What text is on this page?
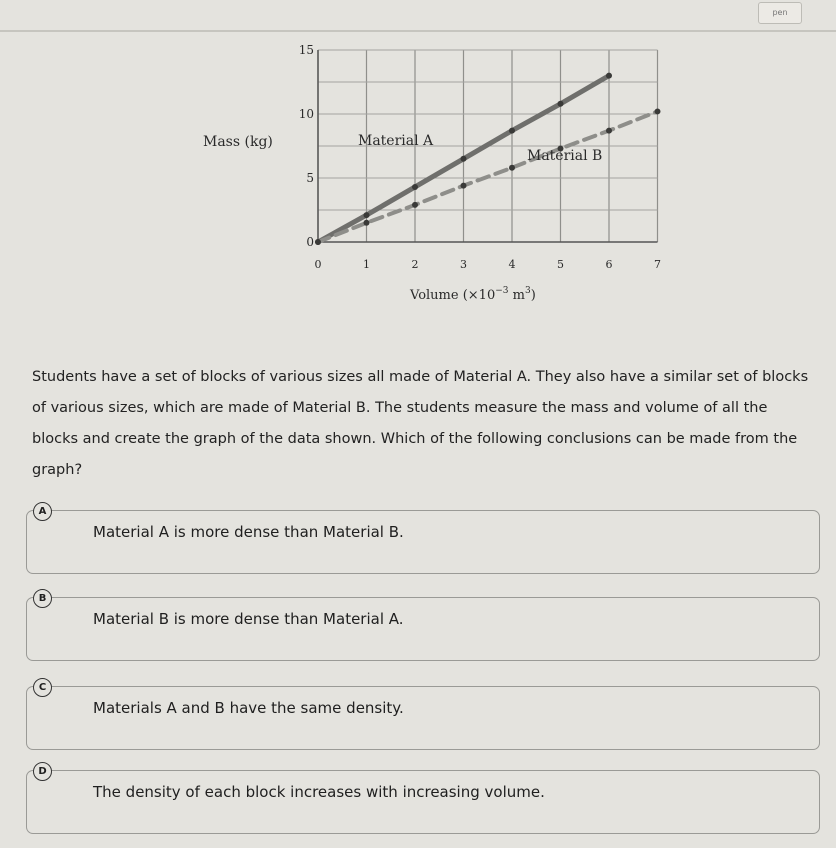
pen
0	1	2	3	4	5	6	7
0
5
10
15
Mass (kg)
Volume ($\times 10^{-3}$ $m^3$)
Material A
Material B
Students have a set of blocks of various sizes all made of Material A. They also have a similar set of blocks of various sizes, which are made of Material B. The students measure the mass and volume of all the blocks and create the graph of the data shown. Which of the following conclusions can be made from the graph?
A
Material A is more dense than Material B.
B
Material B is more dense than Material A.
C
Materials A and B have the same density.
D
The density of each block increases with increasing volume.
